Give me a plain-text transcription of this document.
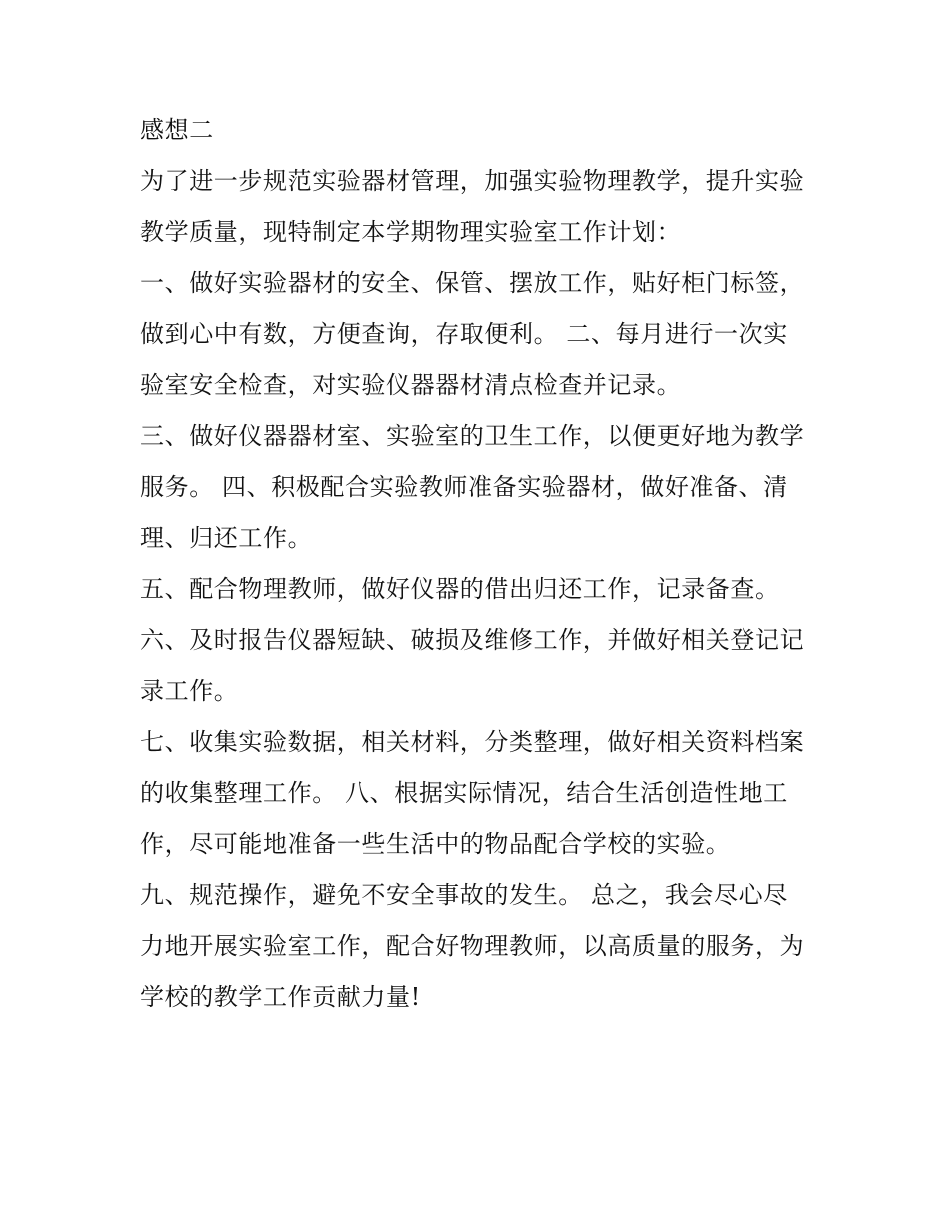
感想二
为了进一步规范实验器材管理，加强实验物理教学，提升实验
教学质量，现特制定本学期物理实验室工作计划：
一、做好实验器材的安全、保管、摆放工作，贴好柜门标签，
做到心中有数，方便查询，存取便利。 二、每月进行一次实
验室安全检查，对实验仪器器材清点检查并记录。
三、做好仪器器材室、实验室的卫生工作，以便更好地为教学
服务。 四、积极配合实验教师准备实验器材，做好准备、清
理、归还工作。
五、配合物理教师，做好仪器的借出归还工作，记录备查。
六、及时报告仪器短缺、破损及维修工作，并做好相关登记记
录工作。
七、收集实验数据，相关材料，分类整理，做好相关资料档案
的收集整理工作。 八、根据实际情况，结合生活创造性地工
作，尽可能地准备一些生活中的物品配合学校的实验。
九、规范操作，避免不安全事故的发生。 总之，我会尽心尽
力地开展实验室工作，配合好物理教师，以高质量的服务，为
学校的教学工作贡献力量!
